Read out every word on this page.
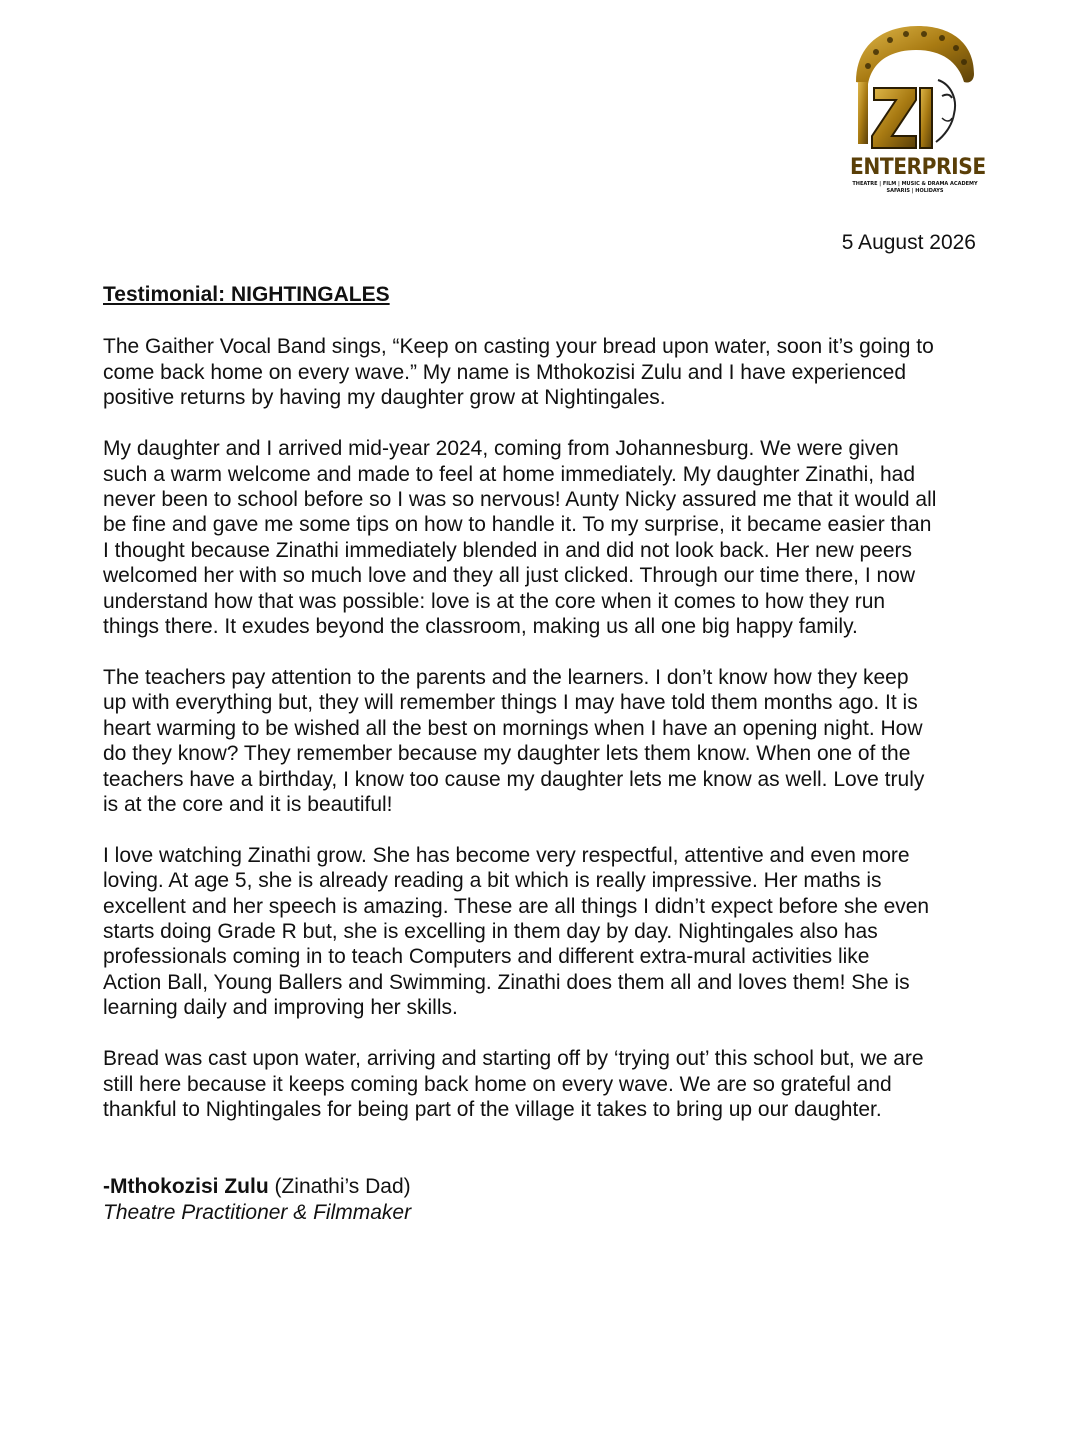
ENTERPRISE
THEATRE | FILM | MUSIC & DRAMA ACADEMY
SAFARIS | HOLIDAYS
5 August 2026
Testimonial: NIGHTINGALES
The Gaither Vocal Band sings, “Keep on casting your bread upon water, soon it’s going to
come back home on every wave.” My name is Mthokozisi Zulu and I have experienced
positive returns by having my daughter grow at Nightingales.
My daughter and I arrived mid-year 2024, coming from Johannesburg. We were given
such a warm welcome and made to feel at home immediately. My daughter Zinathi, had
never been to school before so I was so nervous! Aunty Nicky assured me that it would all
be fine and gave me some tips on how to handle it. To my surprise, it became easier than
I thought because Zinathi immediately blended in and did not look back. Her new peers
welcomed her with so much love and they all just clicked. Through our time there, I now
understand how that was possible: love is at the core when it comes to how they run
things there. It exudes beyond the classroom, making us all one big happy family.
The teachers pay attention to the parents and the learners. I don’t know how they keep
up with everything but, they will remember things I may have told them months ago. It is
heart warming to be wished all the best on mornings when I have an opening night. How
do they know? They remember because my daughter lets them know. When one of the
teachers have a birthday, I know too cause my daughter lets me know as well. Love truly
is at the core and it is beautiful!
I love watching Zinathi grow. She has become very respectful, attentive and even more
loving. At age 5, she is already reading a bit which is really impressive. Her maths is
excellent and her speech is amazing. These are all things I didn’t expect before she even
starts doing Grade R but, she is excelling in them day by day. Nightingales also has
professionals coming in to teach Computers and different extra-mural activities like
Action Ball, Young Ballers and Swimming. Zinathi does them all and loves them! She is
learning daily and improving her skills.
Bread was cast upon water, arriving and starting off by ‘trying out’ this school but, we are
still here because it keeps coming back home on every wave. We are so grateful and
thankful to Nightingales for being part of the village it takes to bring up our daughter.
-Mthokozisi Zulu (Zinathi’s Dad)
Theatre Practitioner & Filmmaker
